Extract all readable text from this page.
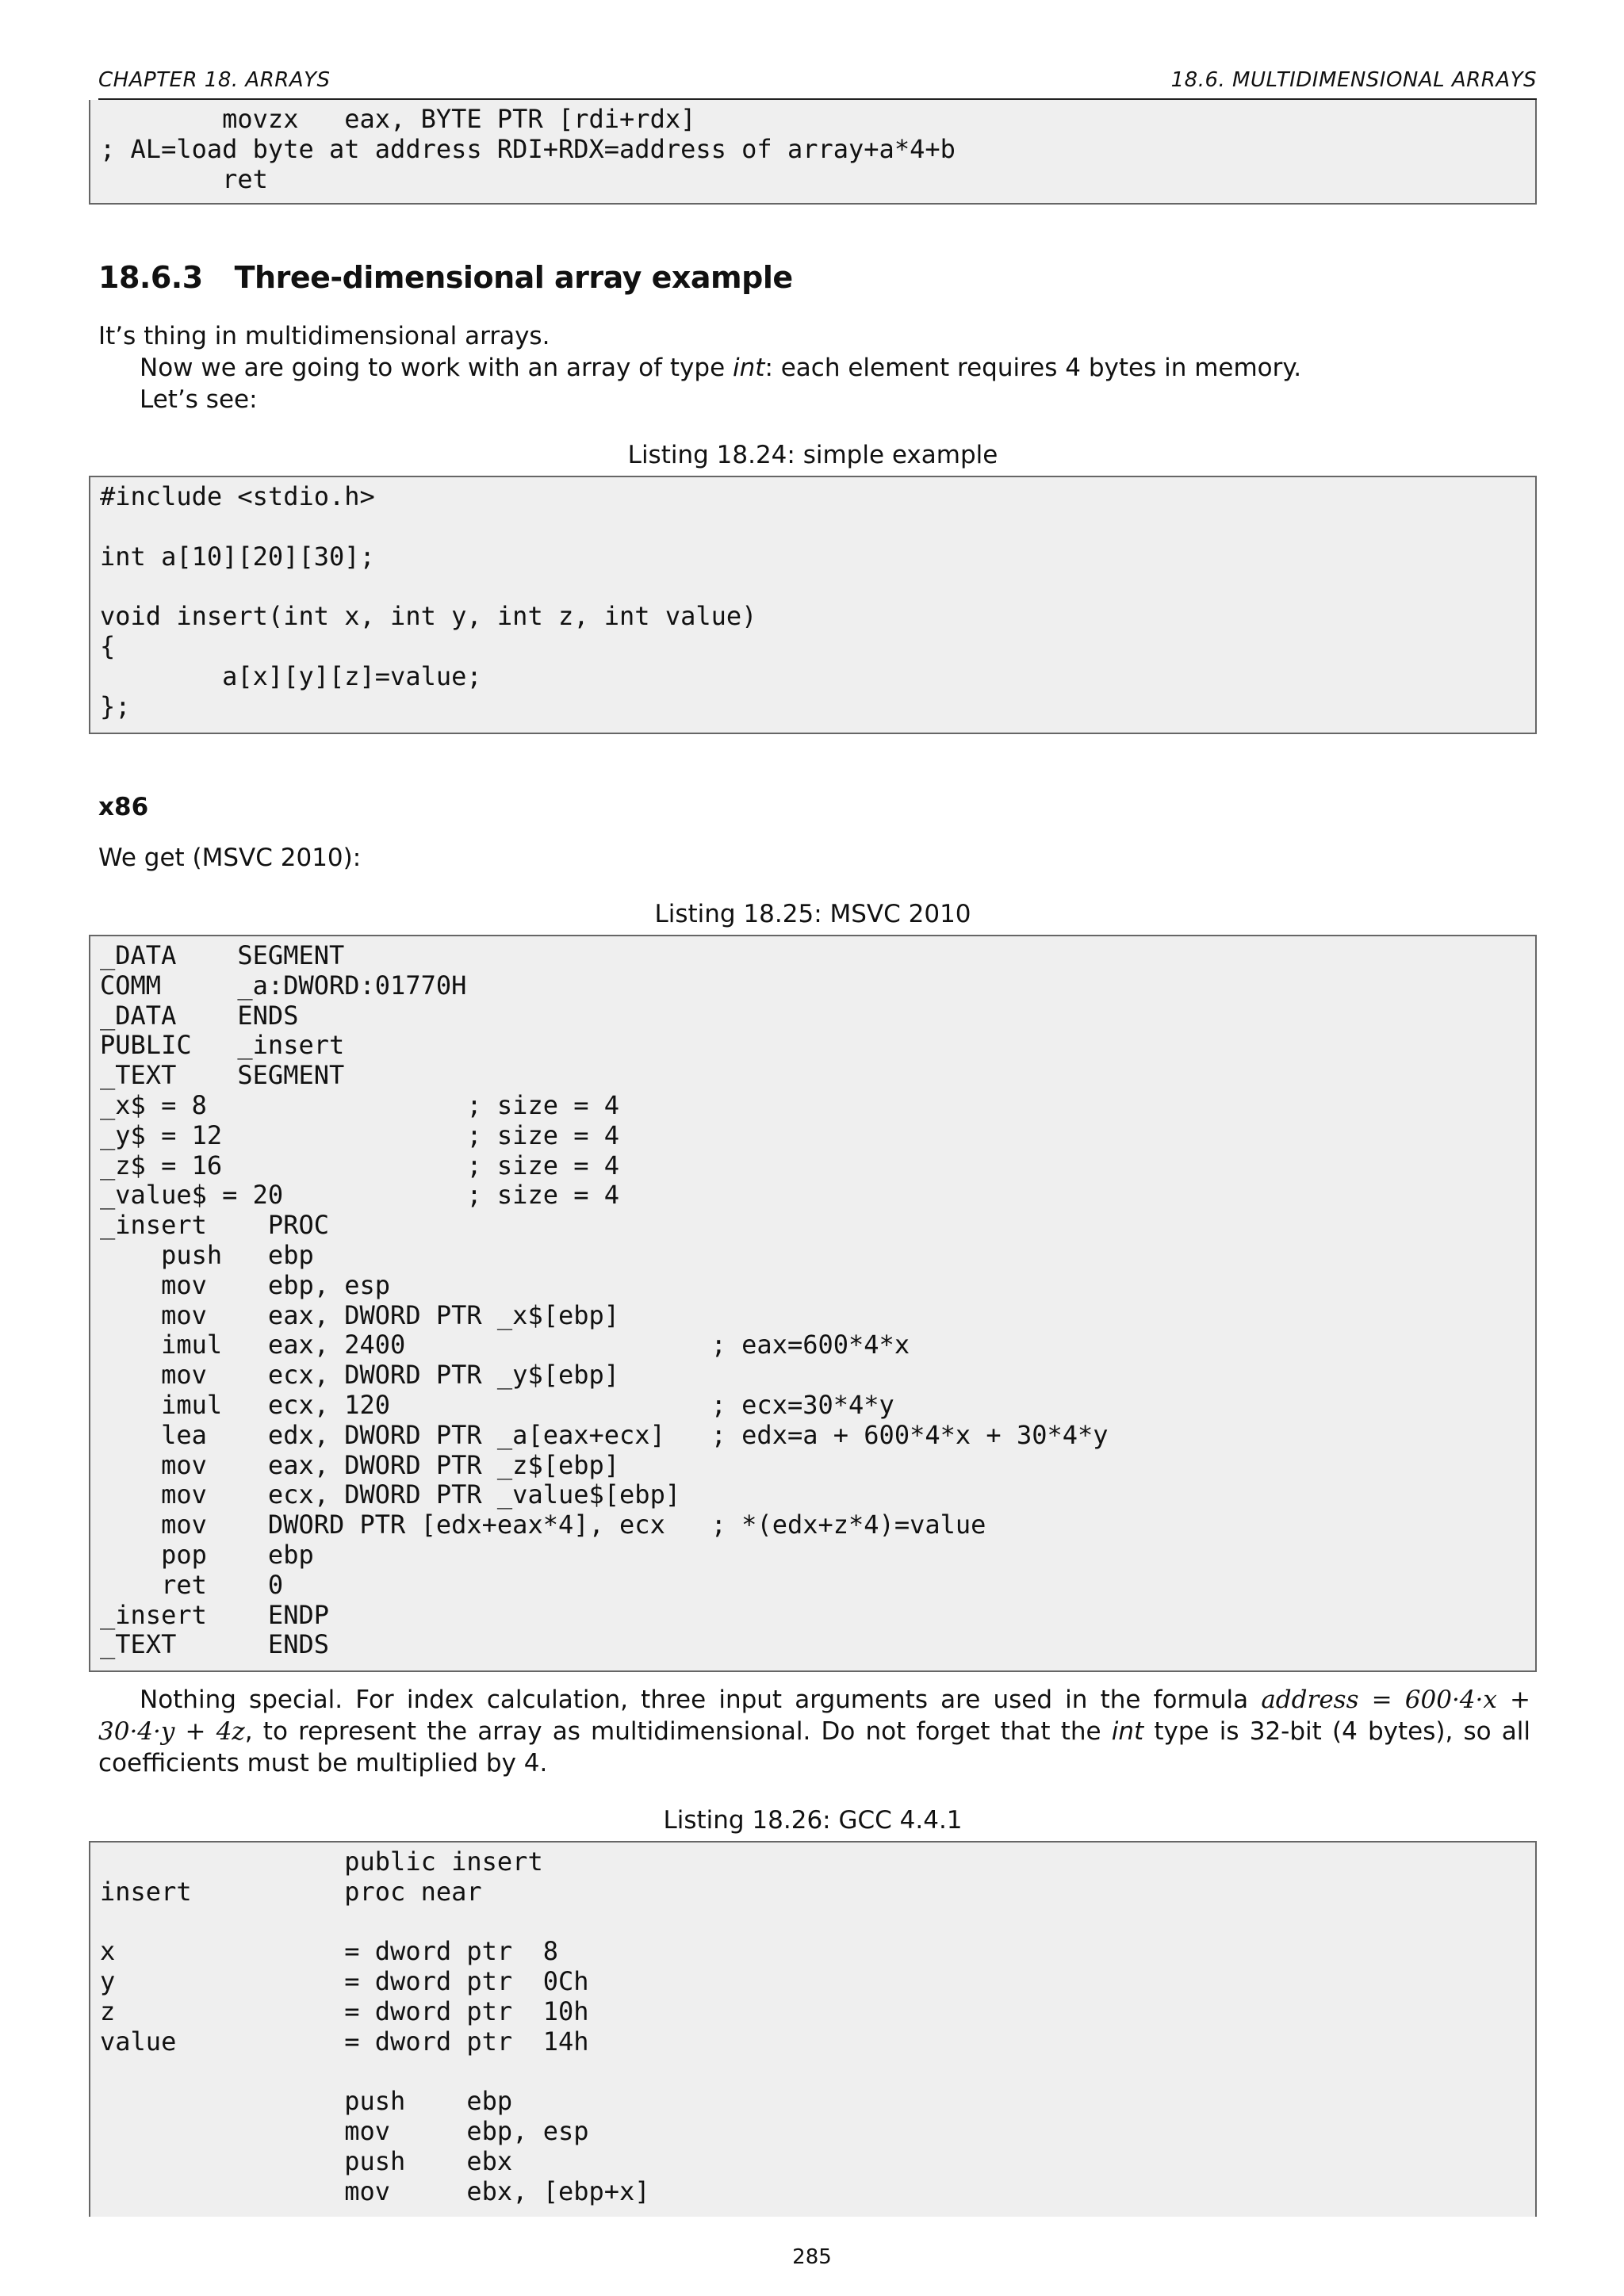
CHAPTER 18. ARRAYS	18.6. MULTIDIMENSIONAL ARRAYS
movzx   eax, BYTE PTR [rdi+rdx]
; AL=load byte at address RDI+RDX=address of array+a*4+b
ret
18.6.3 Three-dimensional array example
It’s thing in multidimensional arrays.
Now we are going to work with an array of type int: each element requires 4 bytes in memory.
Let’s see:
Listing 18.24: simple example
#include <stdio.h>
int a[10][20][30];
void insert(int x, int y, int z, int value)
{
a[x][y][z]=value;
};
x86
We get (MSVC 2010):
Listing 18.25: MSVC 2010
_DATA    SEGMENT
COMM     _a:DWORD:01770H
_DATA    ENDS
PUBLIC   _insert
_TEXT    SEGMENT
_x$ = 8                 ; size = 4
_y$ = 12                ; size = 4
_z$ = 16                ; size = 4
_value$ = 20            ; size = 4
_insert    PROC
push   ebp
mov    ebp, esp
mov    eax, DWORD PTR _x$[ebp]
imul   eax, 2400                    ; eax=600*4*x
mov    ecx, DWORD PTR _y$[ebp]
imul   ecx, 120                     ; ecx=30*4*y
lea    edx, DWORD PTR _a[eax+ecx]   ; edx=a + 600*4*x + 30*4*y
mov    eax, DWORD PTR _z$[ebp]
mov    ecx, DWORD PTR _value$[ebp]
mov    DWORD PTR [edx+eax*4], ecx   ; *(edx+z*4)=value
pop    ebp
ret    0
_insert    ENDP
_TEXT      ENDS
Nothing special. For index calculation, three input arguments are used in the formula address = 600·4·x + 30·4·y + 4z, to represent the array as multidimensional. Do not forget that the int type is 32-bit (4 bytes), so all coefficients must be multiplied by 4.
Listing 18.26: GCC 4.4.1
public insert
insert          proc near
x               = dword ptr  8
y               = dword ptr  0Ch
z               = dword ptr  10h
value           = dword ptr  14h
push    ebp
mov     ebp, esp
push    ebx
mov     ebx, [ebp+x]
285
